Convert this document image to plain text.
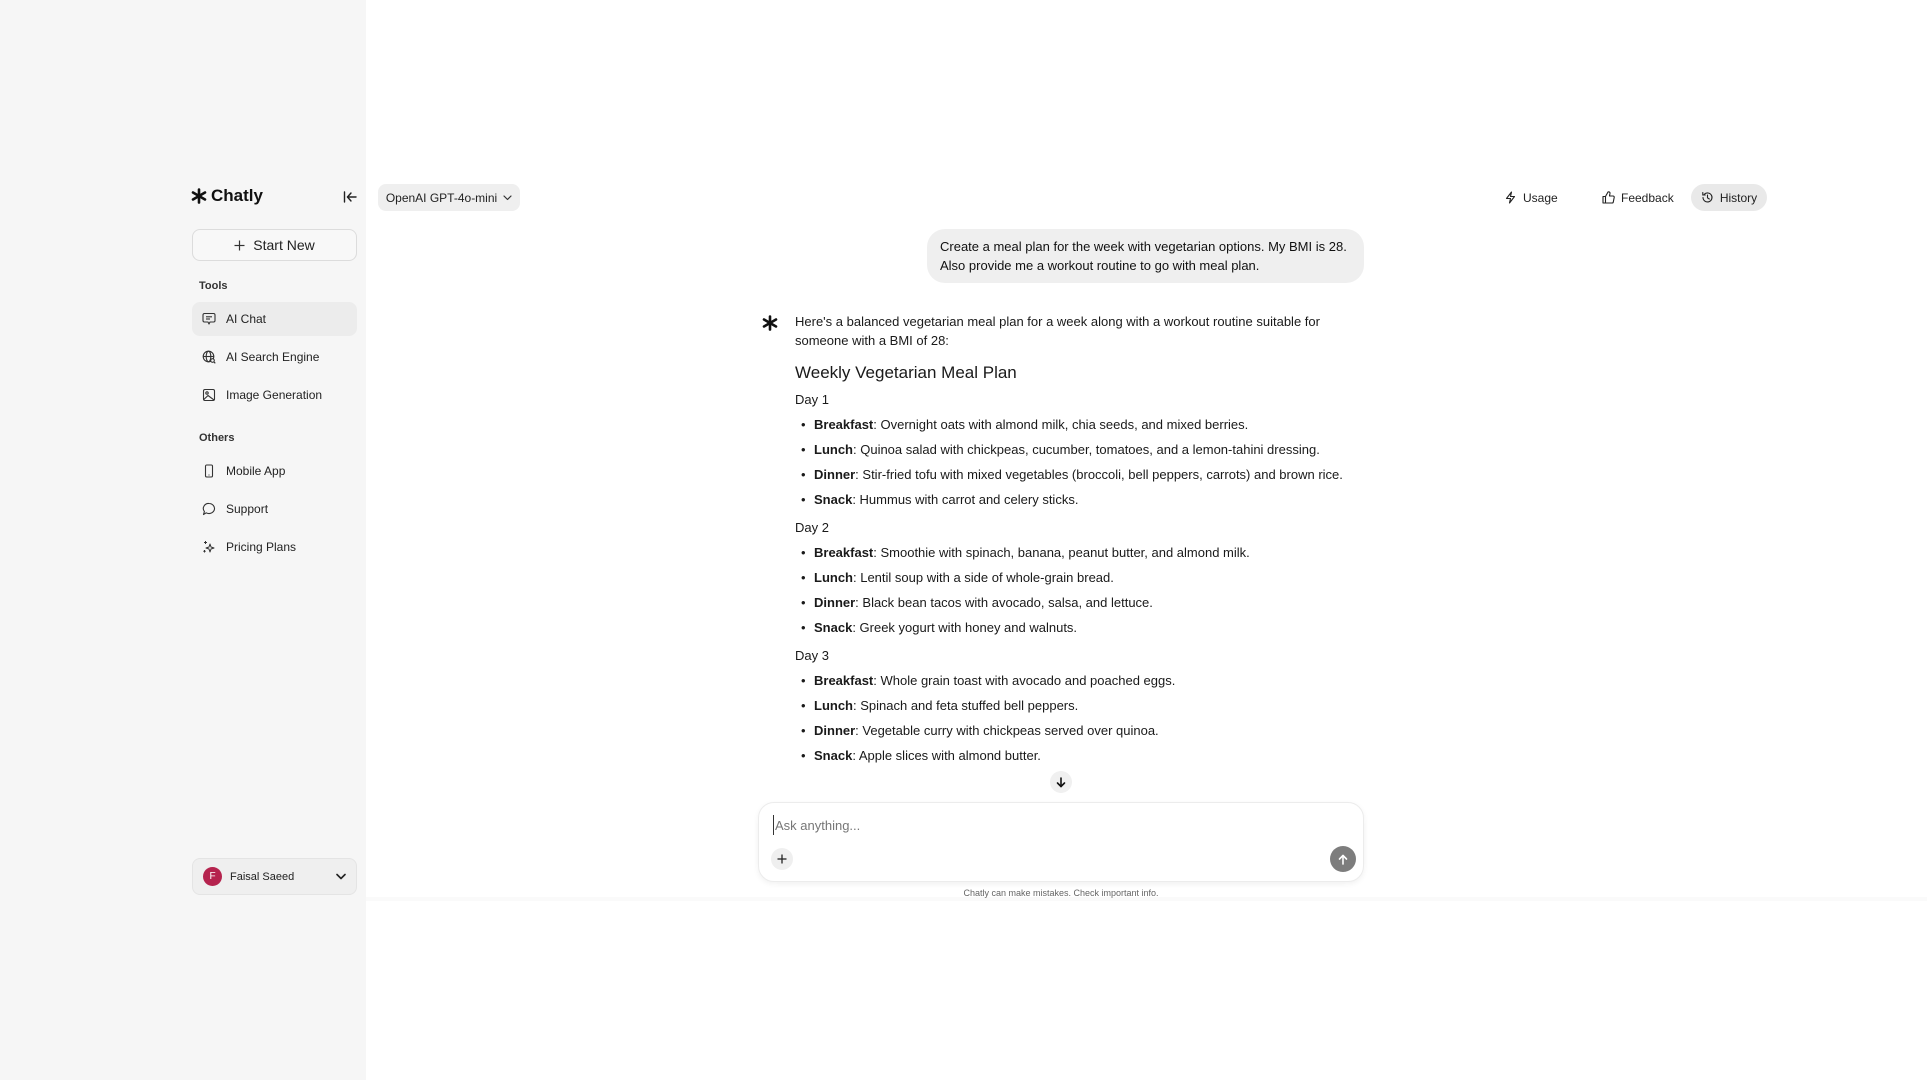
Chatly
Start New
Tools
AI Chat
AI Search Engine
Image Generation
Others
Mobile App
Support
Pricing Plans
F	Faisal Saeed
OpenAI GPT-4o-mini	Usage	Feedback	History
Create a meal plan for the week with vegetarian options. My BMI is 28. Also provide me a workout routine to go with meal plan.

Here's a balanced vegetarian meal plan for a week along with a workout routine suitable for someone with a BMI of 28:

Weekly Vegetarian Meal Plan
Day 1
• Breakfast: Overnight oats with almond milk, chia seeds, and mixed berries.
• Lunch: Quinoa salad with chickpeas, cucumber, tomatoes, and a lemon-tahini dressing.
• Dinner: Stir-fried tofu with mixed vegetables (broccoli, bell peppers, carrots) and brown rice.
• Snack: Hummus with carrot and celery sticks.
Day 2
• Breakfast: Smoothie with spinach, banana, peanut butter, and almond milk.
• Lunch: Lentil soup with a side of whole-grain bread.
• Dinner: Black bean tacos with avocado, salsa, and lettuce.
• Snack: Greek yogurt with honey and walnuts.
Day 3
• Breakfast: Whole grain toast with avocado and poached eggs.
• Lunch: Spinach and feta stuffed bell peppers.
• Dinner: Vegetable curry with chickpeas served over quinoa.
• Snack: Apple slices with almond butter.
Ask anything...
Chatly can make mistakes. Check important info.
